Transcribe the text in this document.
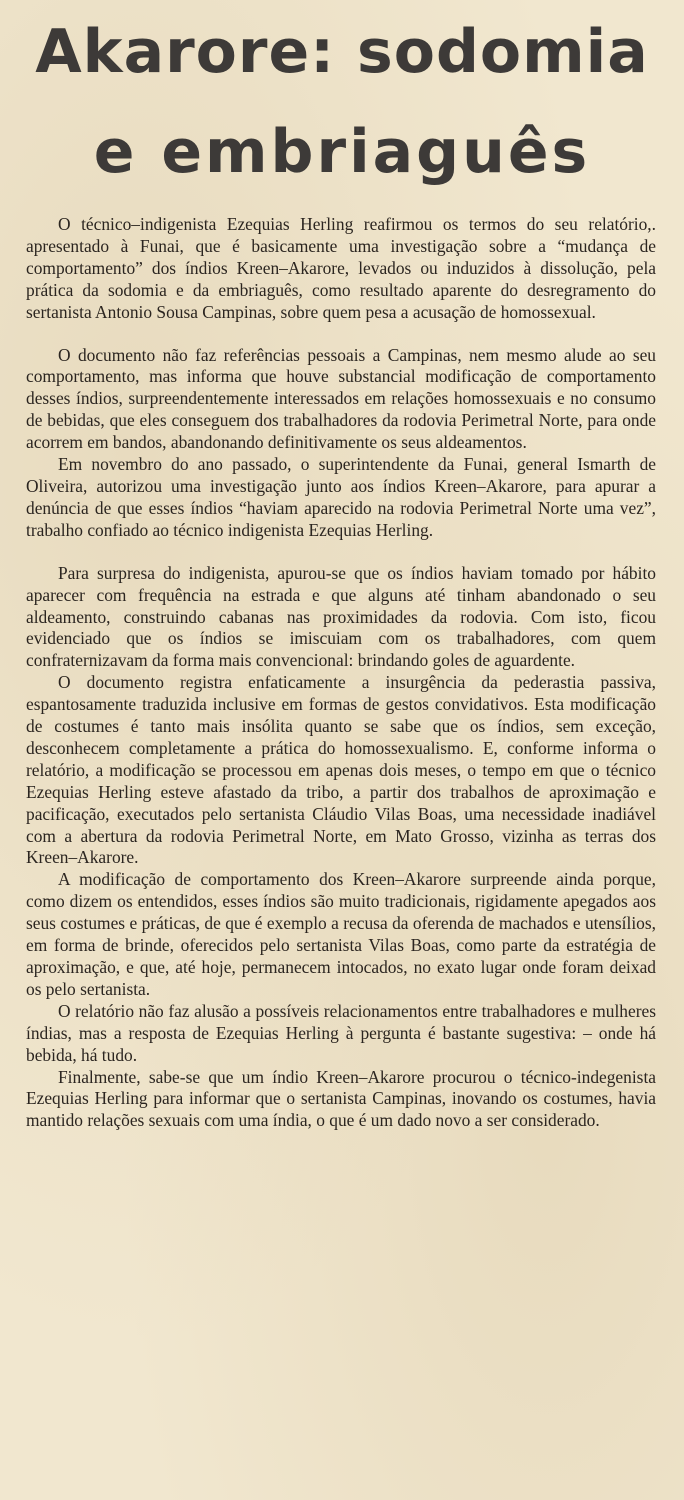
Akarore: sodomia
e embriaguês

O técnico–indigenista Ezequias Herling reafirmou os termos do seu relatório,. apresentado à Funai, que é basicamente uma investigação sobre a “mudança de comportamento” dos índios Kreen–Akarore, levados ou induzidos à dissolução, pela prática da sodomia e da embriaguês, como resultado aparente do desregramento do sertanista Antonio Sousa Campinas, sobre quem pesa a acusação de homossexual.

O documento não faz referências pessoais a Campinas, nem mesmo alude ao seu comportamento, mas informa que houve substancial modificação de comportamento desses índios, surpreendentemente interessados em relações homossexuais e no consumo de bebidas, que eles conseguem dos trabalhadores da rodovia Perimetral Norte, para onde acorrem em bandos, abandonando definitivamente os seus aldeamentos.

Em novembro do ano passado, o superintendente da Funai, general Ismarth de Oliveira, autorizou uma investigação junto aos índios Kreen–Akarore, para apurar a denúncia de que esses índios “haviam aparecido na rodovia Perimetral Norte uma vez”, trabalho confiado ao técnico indigenista Ezequias Herling.

Para surpresa do indigenista, apurou-se que os índios haviam tomado por hábito aparecer com frequência na estrada e que alguns até tinham abandonado o seu aldeamento, construindo cabanas nas proximidades da rodovia. Com isto, ficou evidenciado que os índios se imiscuiam com os trabalhadores, com quem confraternizavam da forma mais convencional: brindando goles de aguardente.

O documento registra enfaticamente a insurgência da pederastia passiva, espantosamente traduzida inclusive em formas de gestos convidativos. Esta modificação de costumes é tanto mais insólita quanto se sabe que os índios, sem exceção, desconhecem completamente a prática do homossexualismo. E, conforme informa o relatório, a modificação se processou em apenas dois meses, o tempo em que o técnico Ezequias Herling esteve afastado da tribo, a partir dos trabalhos de aproximação e pacificação, executados pelo sertanista Cláudio Vilas Boas, uma necessidade inadiável com a abertura da rodovia Perimetral Norte, em Mato Grosso, vizinha as terras dos Kreen–Akarore.

A modificação de comportamento dos Kreen–Akarore surpreende ainda porque, como dizem os entendidos, esses índios são muito tradicionais, rigidamente apegados aos seus costumes e práticas, de que é exemplo a recusa da oferenda de machados e utensílios, em forma de brinde, oferecidos pelo sertanista Vilas Boas, como parte da estratégia de aproximação, e que, até hoje, permanecem intocados, no exato lugar onde foram deixad os pelo sertanista.

O relatório não faz alusão a possíveis relacionamentos entre trabalhadores e mulheres índias, mas a resposta de Ezequias Herling à pergunta é bastante sugestiva: – onde há bebida, há tudo.

Finalmente, sabe-se que um índio Kreen–Akarore procurou o técnico-indegenista Ezequias Herling para informar que o sertanista Campinas, inovando os costumes, havia mantido relações sexuais com uma índia, o que é um dado novo a ser considerado.
